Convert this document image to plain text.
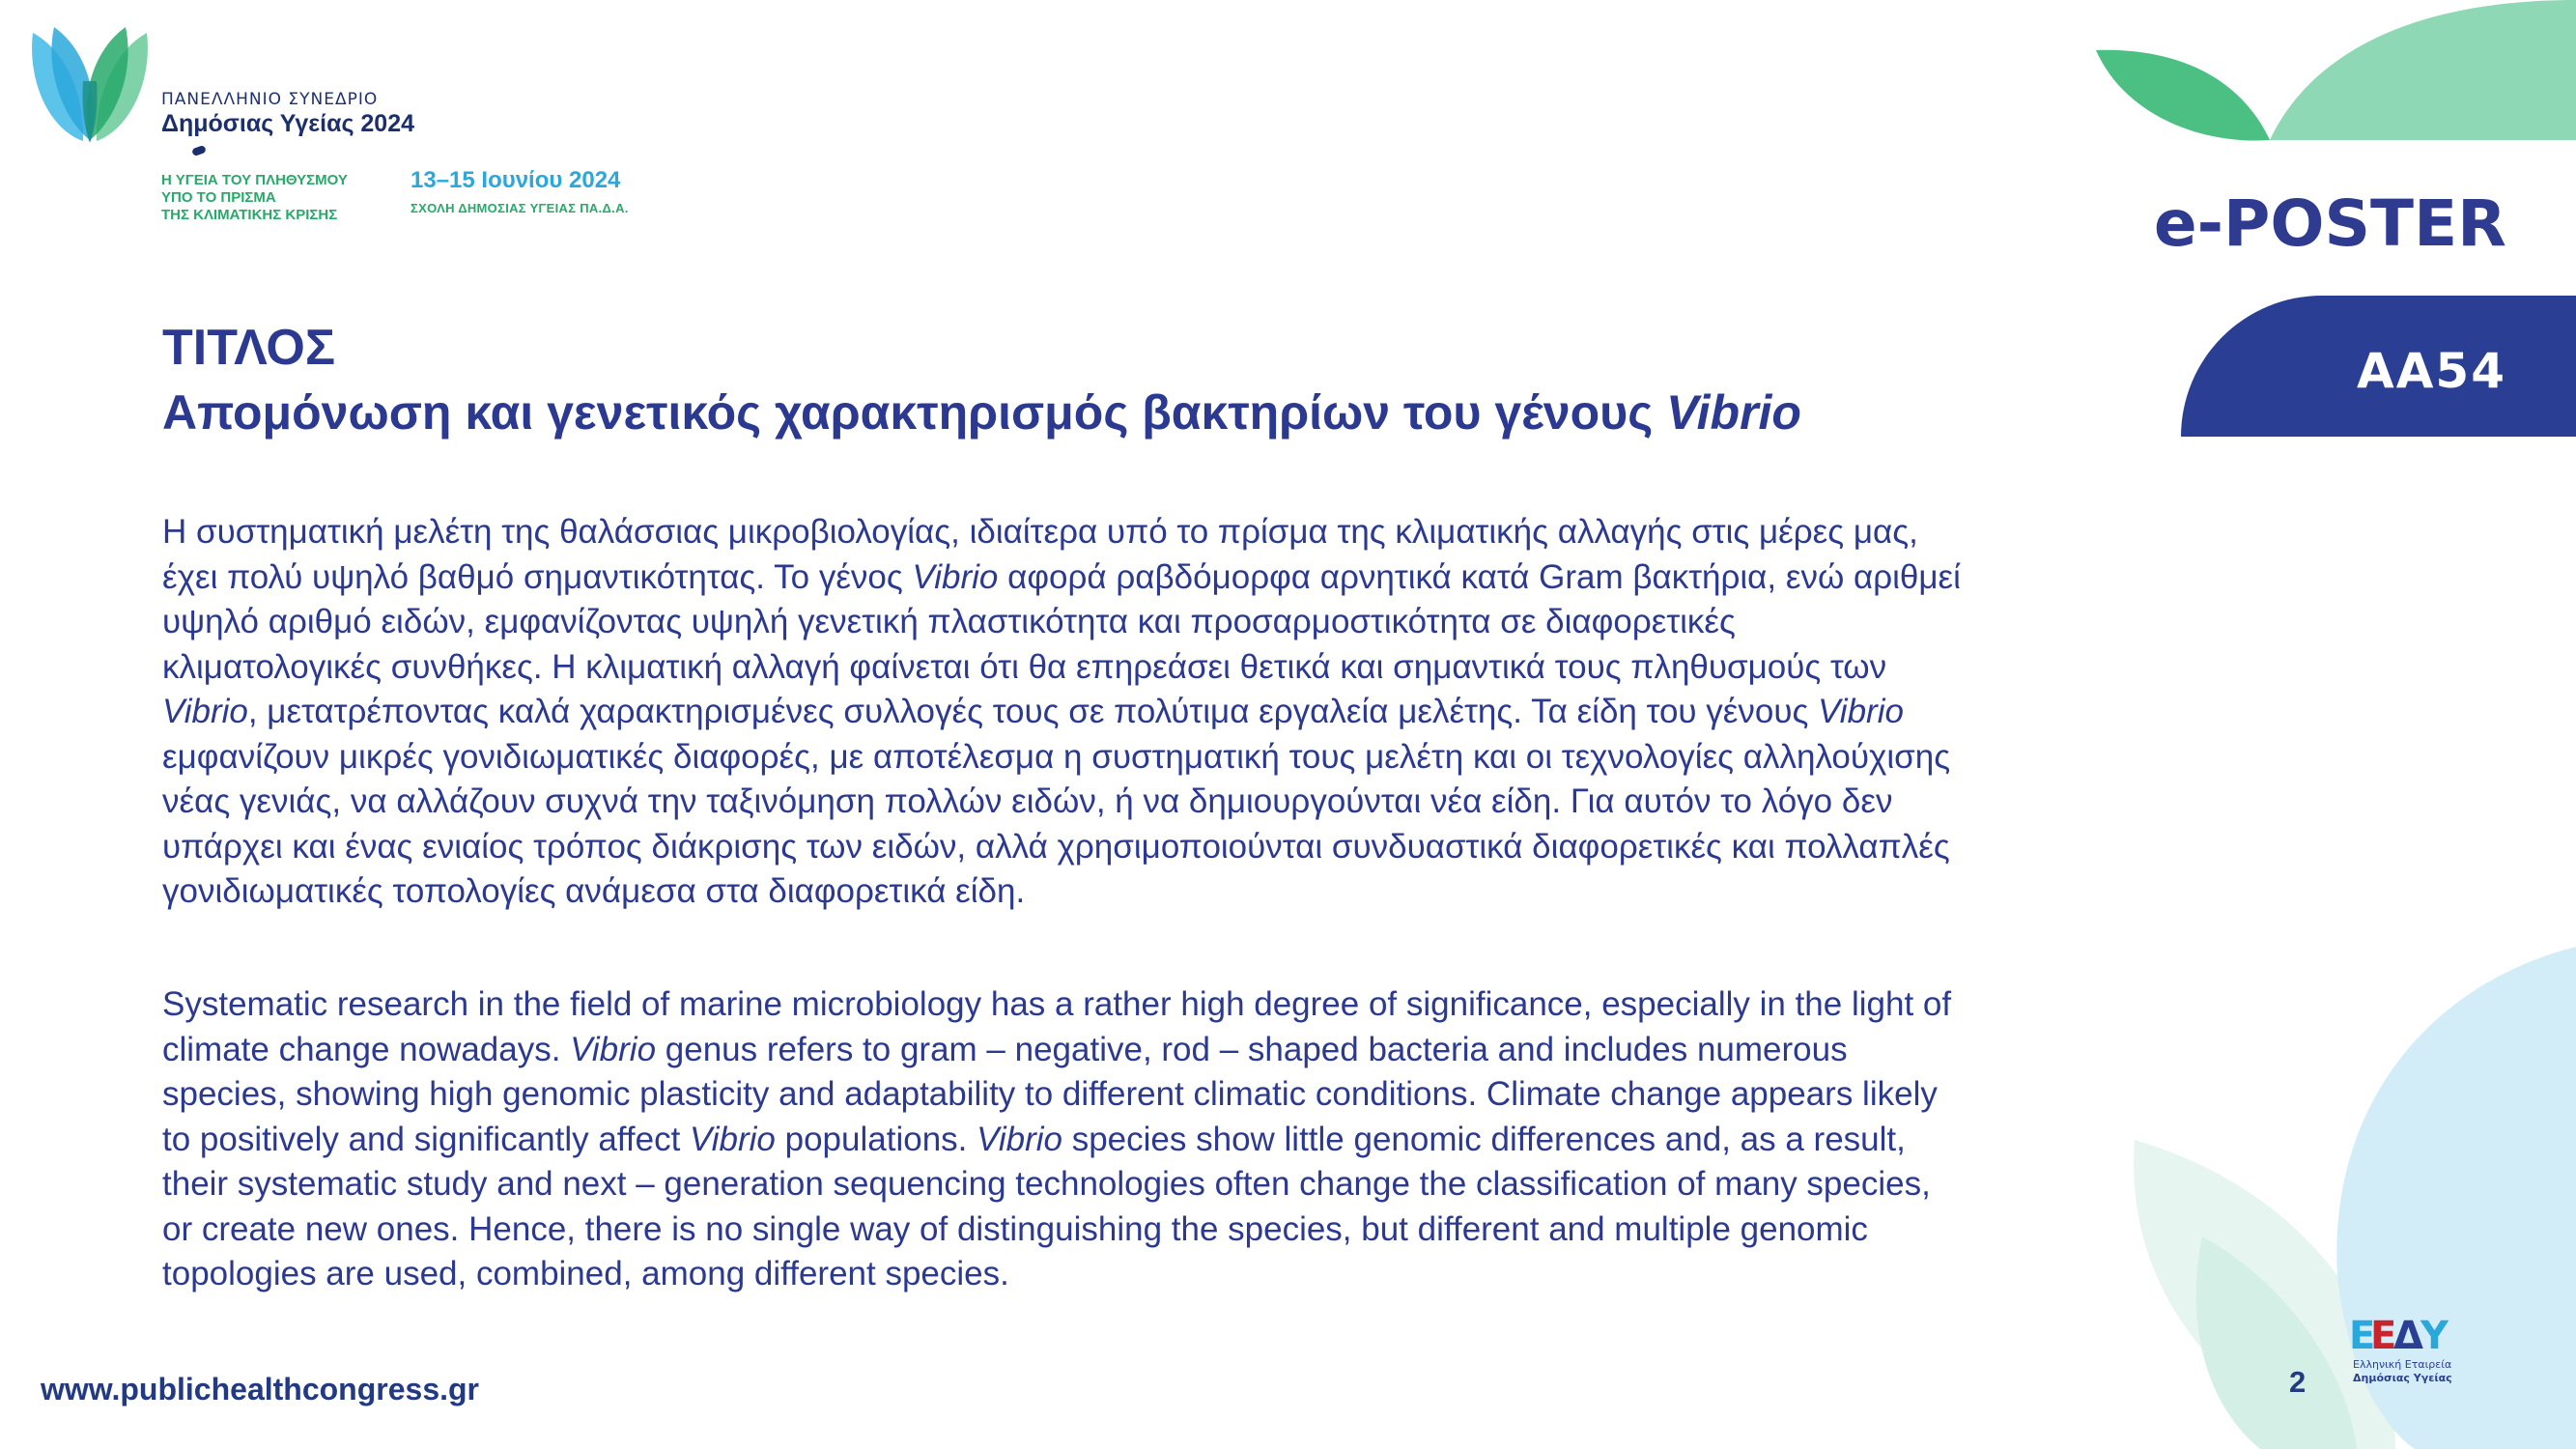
ΠΑΝΕΛΛΗΝΙΟ ΣΥΝΕΔΡΙΟ
Δημόσιας Υγείας 2024
Η ΥΓΕΙΑ ΤΟΥ ΠΛΗΘΥΣΜΟΥ
ΥΠΟ ΤΟ ΠΡΙΣΜΑ
ΤΗΣ ΚΛΙΜΑΤΙΚΗΣ ΚΡΙΣΗΣ
13–15 Ιουνίου 2024
ΣΧΟΛΗ ΔΗΜΟΣΙΑΣ ΥΓΕΙΑΣ ΠΑ.Δ.Α.	e-POSTER
AA54
ΤΙΤΛΟΣ
Απομόνωση και γενετικός χαρακτηρισμός βακτηρίων του γένους Vibrio
Η συστηματική μελέτη της θαλάσσιας μικροβιολογίας, ιδιαίτερα υπό το πρίσμα της κλιματικής αλλαγής στις μέρες μας,
έχει πολύ υψηλό βαθμό σημαντικότητας. Το γένος Vibrio αφορά ραβδόμορφα αρνητικά κατά Gram βακτήρια, ενώ αριθμεί
υψηλό αριθμό ειδών, εμφανίζοντας υψηλή γενετική πλαστικότητα και προσαρμοστικότητα σε διαφορετικές
κλιματολογικές συνθήκες. Η κλιματική αλλαγή φαίνεται ότι θα επηρεάσει θετικά και σημαντικά τους πληθυσμούς των
Vibrio, μετατρέποντας καλά χαρακτηρισμένες συλλογές τους σε πολύτιμα εργαλεία μελέτης. Τα είδη του γένους Vibrio
εμφανίζουν μικρές γονιδιωματικές διαφορές, με αποτέλεσμα η συστηματική τους μελέτη και οι τεχνολογίες αλληλούχισης
νέας γενιάς, να αλλάζουν συχνά την ταξινόμηση πολλών ειδών, ή να δημιουργούνται νέα είδη. Για αυτόν το λόγο δεν
υπάρχει και ένας ενιαίος τρόπος διάκρισης των ειδών, αλλά χρησιμοποιούνται συνδυαστικά διαφορετικές και πολλαπλές
γονιδιωματικές τοπολογίες ανάμεσα στα διαφορετικά είδη.
Systematic research in the field of marine microbiology has a rather high degree of significance, especially in the light of
climate change nowadays. Vibrio genus refers to gram – negative, rod – shaped bacteria and includes numerous
species, showing high genomic plasticity and adaptability to different climatic conditions. Climate change appears likely
to positively and significantly affect Vibrio populations. Vibrio species show little genomic differences and, as a result,
their systematic study and next – generation sequencing technologies often change the classification of many species,
or create new ones. Hence, there is no single way of distinguishing the species, but different and multiple genomic
topologies are used, combined, among different species.
www.publichealthcongress.gr	2
Ε
Ε
Δ
Υ
Ελληνική Εταιρεία
Δημόσιας Υγείας
